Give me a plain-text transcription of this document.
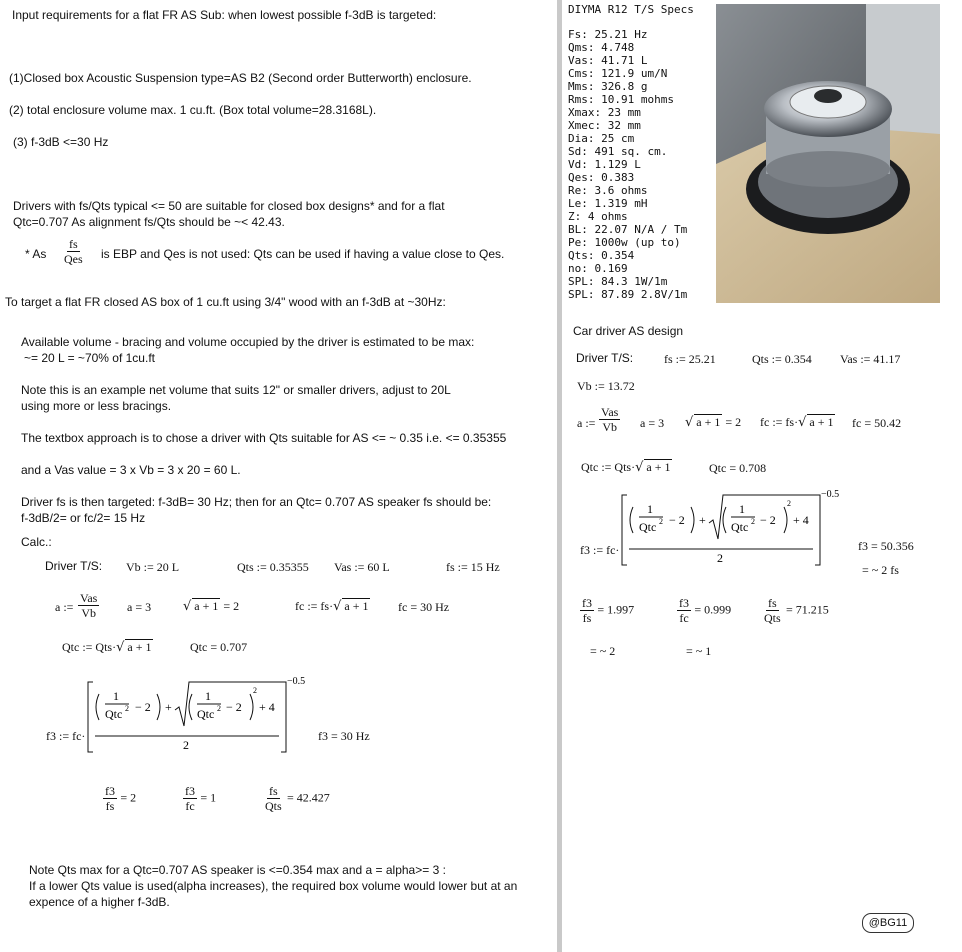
Input requirements for a flat FR AS Sub: when lowest possible f-3dB is targeted:
(1)Closed box Acoustic Suspension type=AS B2 (Second order Butterworth) enclosure.
(2) total enclosure volume max. 1 cu.ft. (Box total volume=28.3168L).
(3) f-3dB <=30 Hz
Drivers with fs/Qts typical <= 50 are suitable for closed box designs* and for a flat
Qtc=0.707 As alignment fs/Qts should be ~< 42.43.
* As $\frac{fs}{\text{Qes}}$ is EBP and Qes is not used: Qts can be used if having a value close to Qes.
To target a flat FR closed AS box of 1 cu.ft using 3/4" wood with an f-3dB at ~30Hz:
Available volume - bracing and volume occupied by the driver is estimated to be max:
~= 20 L = ~70% of 1cu.ft
Note this is an example net volume that suits 12" or smaller drivers, adjust to 20L
using more or less bracings.
The textbox approach is to chose a driver with Qts suitable for AS <= ~ 0.35 i.e. <= 0.35355
and a Vas value = 3 x Vb = 3 x 20 = 60 L.
Driver fs is then targeted: f-3dB= 30 Hz; then for an Qtc= 0.707 AS speaker fs should be:
f-3dB/2= or fc/2= 15 Hz
Calc.:
Driver T/S: Vb := 20 L	Qts := 0.35355 Vas := 60 L	fs := 15 Hz
a := $\frac{\text{Vas}}{Vb}$ a = 3 √ a + 1 = 2	fc := fs·√ a + 1 fc = 30 Hz
Qtc := Qts·√ a + 1	Qtc = 0.707
f3 := fc·
1
Qtc 2 − 2 +
1
Qtc 2 − 2
2
+ 4
2
−0.5
f3 = 30 Hz
$\frac{f3}{fs} = 2$	$\frac{f3}{fc} = 1$	$\frac{fs}{\text{Qts}} = 42.427$
Note Qts max for a Qtc=0.707 AS speaker is <=0.354 max and a = alpha>= 3 :
If a lower Qts value is used(alpha increases), the required box volume would lower but at an
expence of a higher f-3dB.
DIYMA R12 T/S Specs
Fs: 25.21 Hz
Qms: 4.748
Vas: 41.71 L
Cms: 121.9 um/N
Mms: 326.8 g
Rms: 10.91 mohms
Xmax: 23 mm
Xmec: 32 mm
Dia: 25 cm
Sd: 491 sq. cm.
Vd: 1.129 L
Qes: 0.383
Re: 3.6 ohms
Le: 1.319 mH
Z: 4 ohms
BL: 22.07 N/A / Tm
Pe: 1000w (up to)
Qts: 0.354
no: 0.169
SPL: 84.3 1W/1m
SPL: 87.89 2.8V/1m
Car driver AS design
Driver T/S:	fs := 25.21	Qts := 0.354 Vas := 41.17
Vb := 13.72
a := $\frac{\text{Vas}}{Vb}$ a = 3 √ a + 1 = 2 fc := fs·√ a + 1 fc = 50.42
Qtc := Qts·√ a + 1	Qtc = 0.708
f3 := fc·
1
Qtc 2 − 2 +
1
Qtc 2 − 2
2
+ 4
2
−0.5
f3 = 50.356
= ~ 2 fs
$\frac{f3}{fs} = 1.997$	$\frac{f3}{fc} = 0.999$	$\frac{fs}{\text{Qts}} = 71.215$
= ~ 2	= ~ 1
@BG11
